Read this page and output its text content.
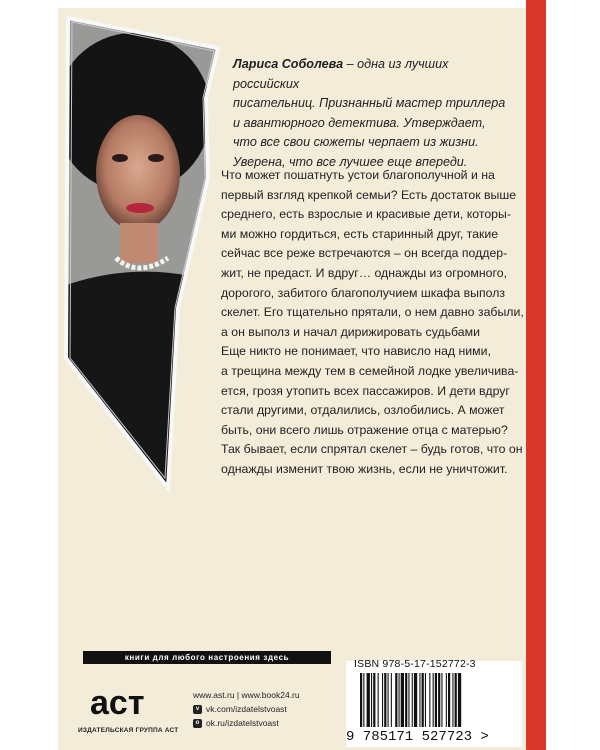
Лариса Соболева – одна из лучших российских
писательниц. Признанный мастер триллера
и авантюрного детектива. Утверждает,
что все свои сюжеты черпает из жизни.
Уверена, что все лучшее еще впереди.
Что может пошатнуть устои благополучной и на
первый взгляд крепкой семьи? Есть достаток выше
среднего, есть взрослые и красивые дети, которы-
ми можно гордиться, есть старинный друг, такие
сейчас все реже встречаются – он всегда поддер-
жит, не предаст. И вдруг… однажды из огромного,
дорогого, забитого благополучием шкафа выполз
скелет. Его тщательно прятали, о нем давно забыли,
а он выполз и начал дирижировать судьбами
Еще никто не понимает, что нависло над ними,
а трещина между тем в семейной лодке увеличива-
ется, грозя утопить всех пассажиров. И дети вдруг
стали другими, отдалились, озлобились. А может
быть, они всего лишь отражение отца с матерью?
Так бывает, если спрятал скелет – будь готов, что он
однажды изменит твою жизнь, если не уничтожит.
книги для любого настроения здесь
аст
ИЗДАТЕЛЬСКАЯ ГРУППА АСТ
www.ast.ru | www.book24.ru
v vk.com/izdatelstvoast
o ok.ru/izdatelstvoast
ISBN 978-5-17-152772-3
9 785171 527723 >
